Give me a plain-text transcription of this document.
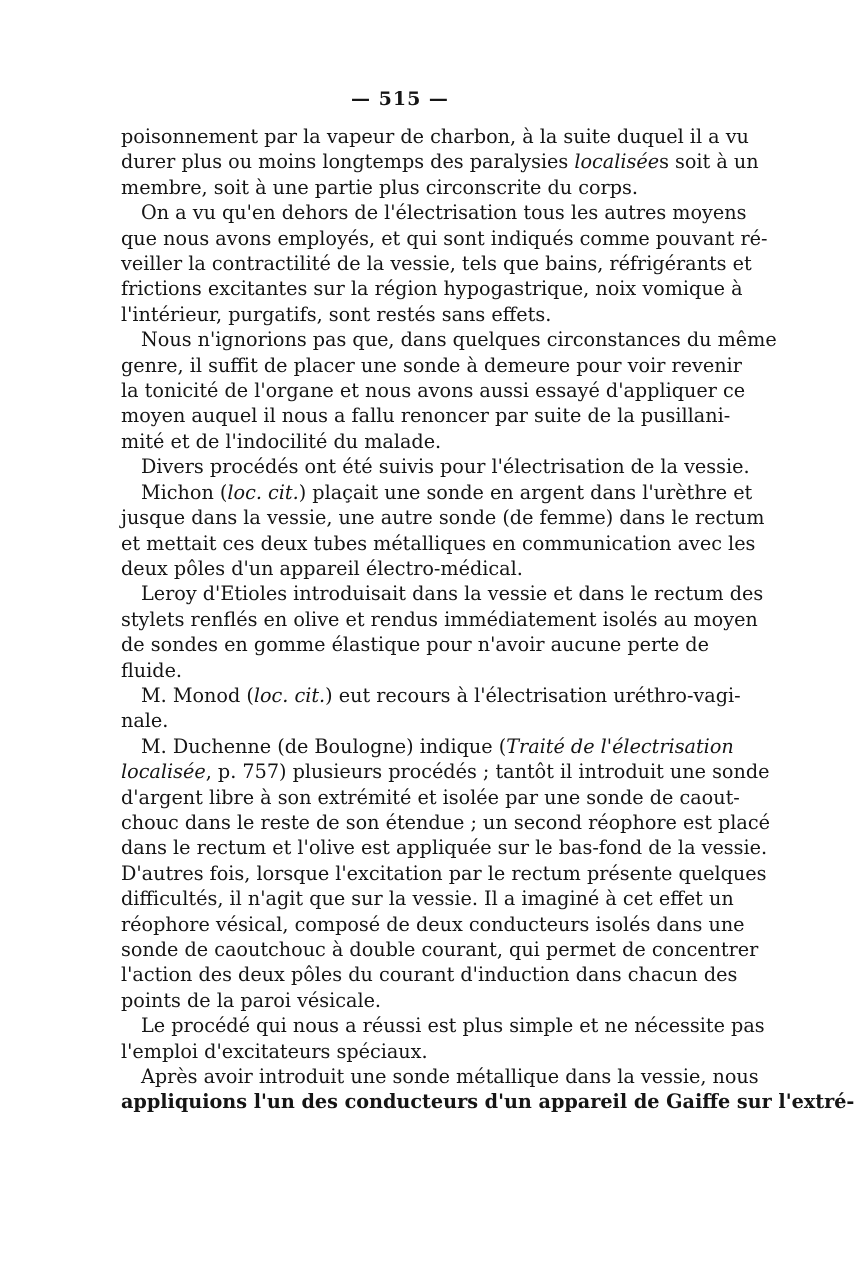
— 515 —
poisonnement par la vapeur de charbon, à la suite duquel il a vu
durer plus ou moins longtemps des paralysies localisées soit à un
membre, soit à une partie plus circonscrite du corps.
On a vu qu'en dehors de l'électrisation tous les autres moyens
que nous avons employés, et qui sont indiqués comme pouvant ré-
veiller la contractilité de la vessie, tels que bains, réfrigérants et
frictions excitantes sur la région hypogastrique, noix vomique à
l'intérieur, purgatifs, sont restés sans effets.
Nous n'ignorions pas que, dans quelques circonstances du même
genre, il suffit de placer une sonde à demeure pour voir revenir
la tonicité de l'organe et nous avons aussi essayé d'appliquer ce
moyen auquel il nous a fallu renoncer par suite de la pusillani-
mité et de l'indocilité du malade.
Divers procédés ont été suivis pour l'électrisation de la vessie.
Michon (loc. cit.) plaçait une sonde en argent dans l'urèthre et
jusque dans la vessie, une autre sonde (de femme) dans le rectum
et mettait ces deux tubes métalliques en communication avec les
deux pôles d'un appareil électro-médical.
Leroy d'Etioles introduisait dans la vessie et dans le rectum des
stylets renflés en olive et rendus immédiatement isolés au moyen
de sondes en gomme élastique pour n'avoir aucune perte de
fluide.
M. Monod (loc. cit.) eut recours à l'électrisation uréthro-vagi-
nale.
M. Duchenne (de Boulogne) indique (Traité de l'électrisation
localisée, p. 757) plusieurs procédés ; tantôt il introduit une sonde
d'argent libre à son extrémité et isolée par une sonde de caout-
chouc dans le reste de son étendue ; un second réophore est placé
dans le rectum et l'olive est appliquée sur le bas-fond de la vessie.
D'autres fois, lorsque l'excitation par le rectum présente quelques
difficultés, il n'agit que sur la vessie. Il a imaginé à cet effet un
réophore vésical, composé de deux conducteurs isolés dans une
sonde de caoutchouc à double courant, qui permet de concentrer
l'action des deux pôles du courant d'induction dans chacun des
points de la paroi vésicale.
Le procédé qui nous a réussi est plus simple et ne nécessite pas
l'emploi d'excitateurs spéciaux.
Après avoir introduit une sonde métallique dans la vessie, nous
appliquions l'un des conducteurs d'un appareil de Gaiffe sur l'extré-
